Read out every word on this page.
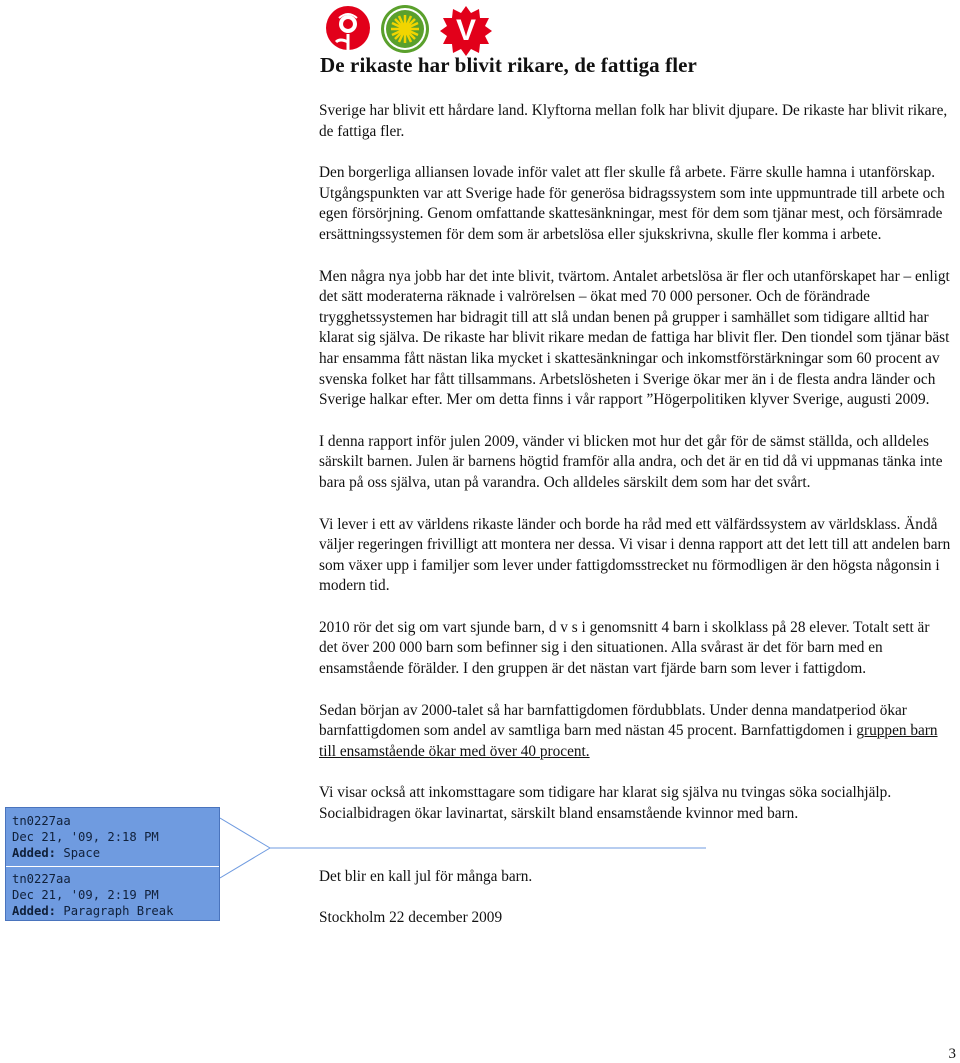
V
De rikaste har blivit rikare, de fattiga fler

Sverige har blivit ett hårdare land. Klyftorna mellan folk har blivit djupare. De rikaste har blivit rikare, de fattiga fler.

Den borgerliga alliansen lovade inför valet att fler skulle få arbete. Färre skulle hamna i utanförskap. Utgångspunkten var att Sverige hade för generösa bidragssystem som inte uppmuntrade till arbete och egen försörjning. Genom omfattande skattesänkningar, mest för dem som tjänar mest, och försämrade ersättningssystemen för dem som är arbetslösa eller sjukskrivna, skulle fler komma i arbete.

Men några nya jobb har det inte blivit, tvärtom. Antalet arbetslösa är fler och utanförskapet har – enligt det sätt moderaterna räknade i valrörelsen – ökat med 70 000 personer. Och de förändrade trygghetssystemen har bidragit till att slå undan benen på grupper i samhället som tidigare alltid har klarat sig själva. De rikaste har blivit rikare medan de fattiga har blivit fler. Den tiondel som tjänar bäst har ensamma fått nästan lika mycket i skattesänkningar och inkomstförstärkningar som 60 procent av svenska folket har fått tillsammans. Arbetslösheten i Sverige ökar mer än i de flesta andra länder och Sverige halkar efter. Mer om detta finns i vår rapport ”Högerpolitiken klyver Sverige, augusti 2009.

I denna rapport inför julen 2009, vänder vi blicken mot hur det går för de sämst ställda, och alldeles särskilt barnen. Julen är barnens högtid framför alla andra, och det är en tid då vi uppmanas tänka inte bara på oss själva, utan på varandra. Och alldeles särskilt dem som har det svårt.

Vi lever i ett av världens rikaste länder och borde ha råd med ett välfärdssystem av världsklass. Ändå väljer regeringen frivilligt att montera ner dessa. Vi visar i denna rapport att det lett till att andelen barn som växer upp i familjer som lever under fattigdomsstrecket nu förmodligen är den högsta någonsin i modern tid.

2010 rör det sig om vart sjunde barn, d v s i genomsnitt 4 barn i skolklass på 28 elever. Totalt sett är det över 200 000 barn som befinner sig i den situationen. Alla svårast är det för barn med en ensamstående förälder. I den gruppen är det nästan vart fjärde barn som lever i fattigdom.

Sedan början av 2000-talet så har barnfattigdomen fördubblats. Under denna mandatperiod ökar barnfattigdomen som andel av samtliga barn med nästan 45 procent. Barnfattigdomen i gruppen barn till ensamstående ökar med över 40 procent.

Vi visar också att inkomsttagare som tidigare har klarat sig själva nu tvingas söka socialhjälp. Socialbidragen ökar lavinartat, särskilt bland ensamstående kvinnor med barn.

Det blir en kall jul för många barn.

Stockholm 22 december 2009

tn0227aa
Dec 21, '09, 2:18 PM
Added: Space
tn0227aa
Dec 21, '09, 2:19 PM
Added: Paragraph Break
3
